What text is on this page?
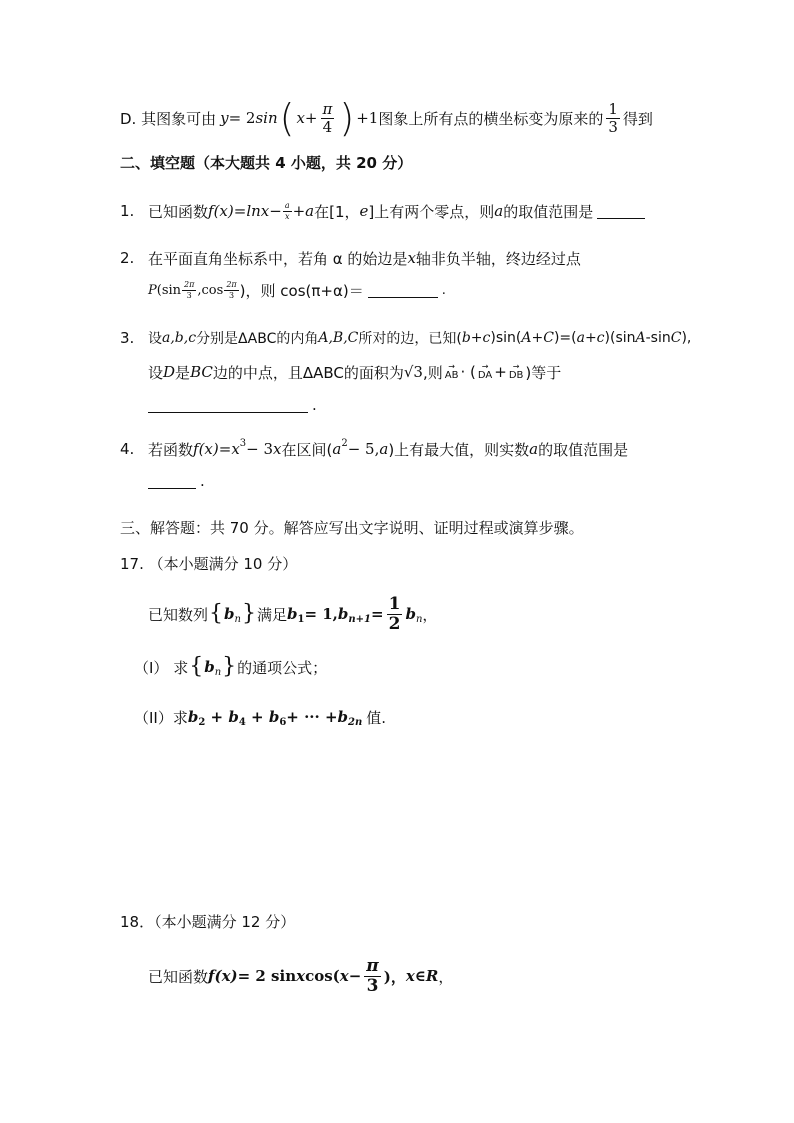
D. 其图象可由 y = 2 sin ( $x + \frac{\pi}{4}$ ) +1 图象上所有点的横坐标变为原来的 $\frac{1}{3}$ 得到
二、填空题（本大题共 4 小题，共 20 分）
1. 已知函数 $f(x) = \ln x - \frac{a}{x} + a$ 在[1， e ]上有两个零点，则 a 的取值范围是
2. 在平面直角坐标系中，若角 α 的始边是 x 轴非负半轴，终边经过点
P ($\sin \frac{2\pi}{3} ,\cos \frac{2\pi}{3}$ )，则 cos(π+α)＝	.
3. 设 a,b,c 分别是ΔABC的内角 A,B,C 所对的边，已知( b+c )sin( A+C )=( a+c )(sin A -sin C ),
设 D 是 BC 边的中点，且ΔABC的面积为 √3 ,则 →
AB · ( →
DA + →
DB )等于
.
4. 若函数 f(x) = x 3 − 3 x 在区间( a 2 − 5, a )上有最大值，则实数 a 的取值范围是
.
三、解答题：共 70 分。解答应写出文字说明、证明过程或演算步骤。
17. （本小题满分 10 分）
已知数列 { b n } 满足 b 1 = 1, b $n+1 = \frac{1}{2}$ b n ，
（I） 求 { b n } 的通项公式；
（II）求 b 2 + b 4 + b 6 + ··· + b 2n 值.
18．（本小题满分 12 分）
已知函数 f(x) = 2 sin x cos( $x - \frac{\pi}{3}$ )， x ∈ R ，
